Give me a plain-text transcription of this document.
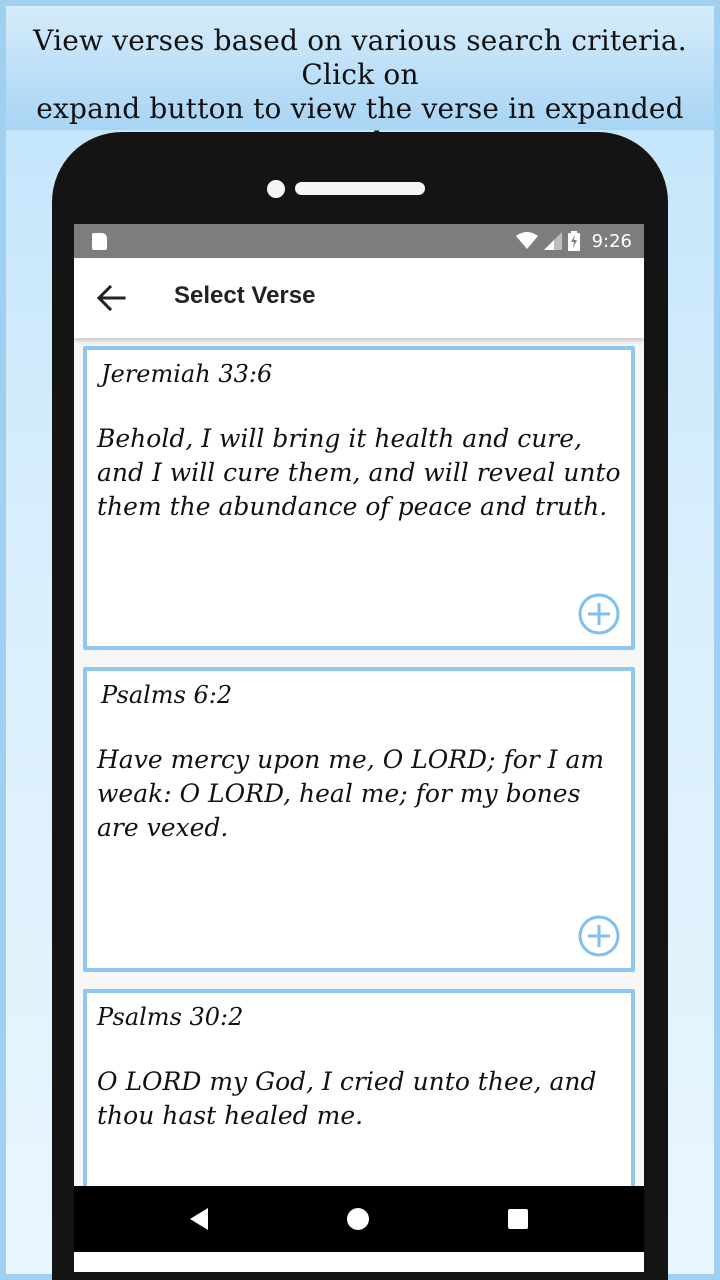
View verses based on various search criteria. Click on
expand button to view the verse in expanded
9:26
Select Verse
Jeremiah 33:6
Behold, I will bring it health and cure, and I will cure them, and will reveal unto them the abundance of peace and truth.
Psalms 6:2
Have mercy upon me, O LORD; for I am weak: O LORD, heal me; for my bones are vexed.
Psalms 30:2
O LORD my God, I cried unto thee, and thou hast healed me.
